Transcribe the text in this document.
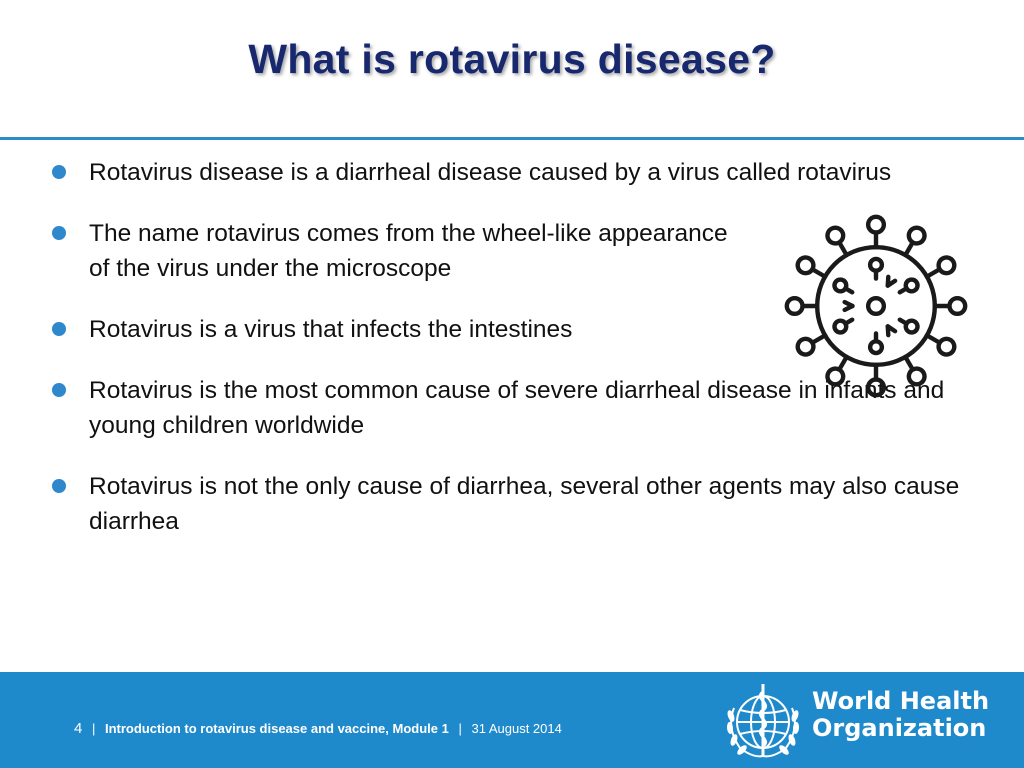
What is rotavirus disease?
Rotavirus disease is a diarrheal disease caused by a virus called rotavirus
The name rotavirus comes from the wheel-like appearance of the virus under the microscope
Rotavirus is a virus that infects the intestines
Rotavirus is the most common cause of severe diarrheal disease in infants and young children worldwide
Rotavirus is not the only cause of diarrhea, several other agents may also cause diarrhea
4 | Introduction to rotavirus disease and vaccine, Module 1 | 31 August 2014
World Health
Organization
